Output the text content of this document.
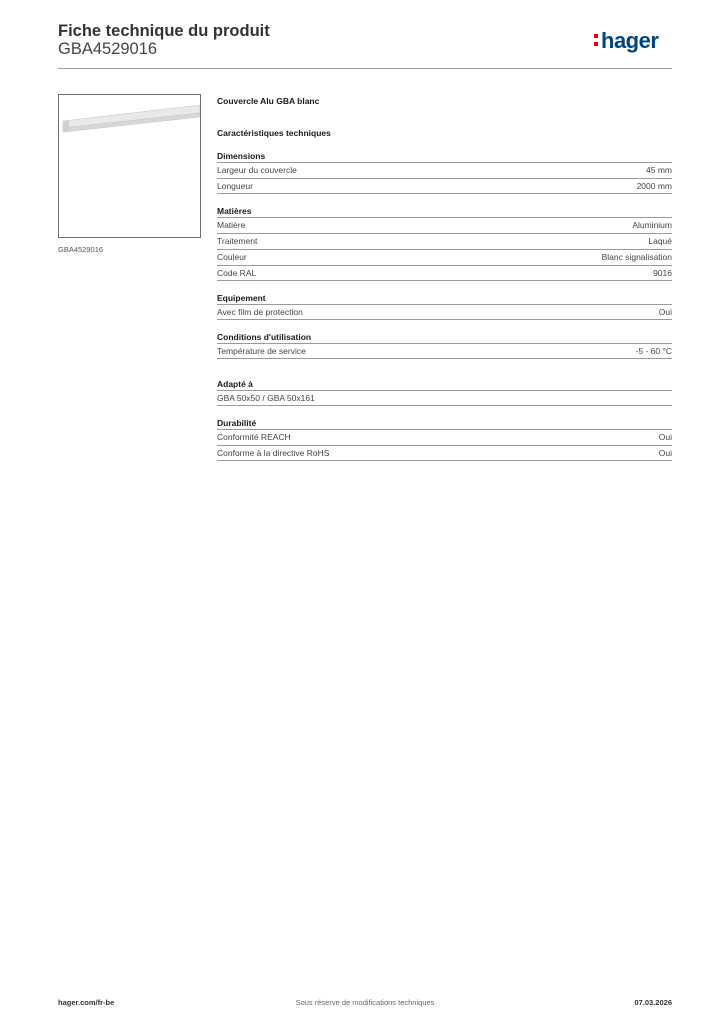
Fiche technique du produit
GBA4529016	hager
GBA4529016
Couvercle Alu GBA blanc
Caractéristiques techniques
Dimensions
Largeur du couvercle	45 mm
Longueur	2000 mm
Matières
Matière	Aluminium
Traitement	Laqué
Couleur	Blanc signalisation
Code RAL	9016
Equipement
Avec film de protection	Oui
Conditions d'utilisation
Température de service	-5 - 60 °C
Adapté à
GBA 50x50 / GBA 50x161
Durabilité
Conformité REACH	Oui
Conforme à la directive RoHS	Oui
hager.com/fr-be	Sous réserve de modifications techniques	07.03.2026
